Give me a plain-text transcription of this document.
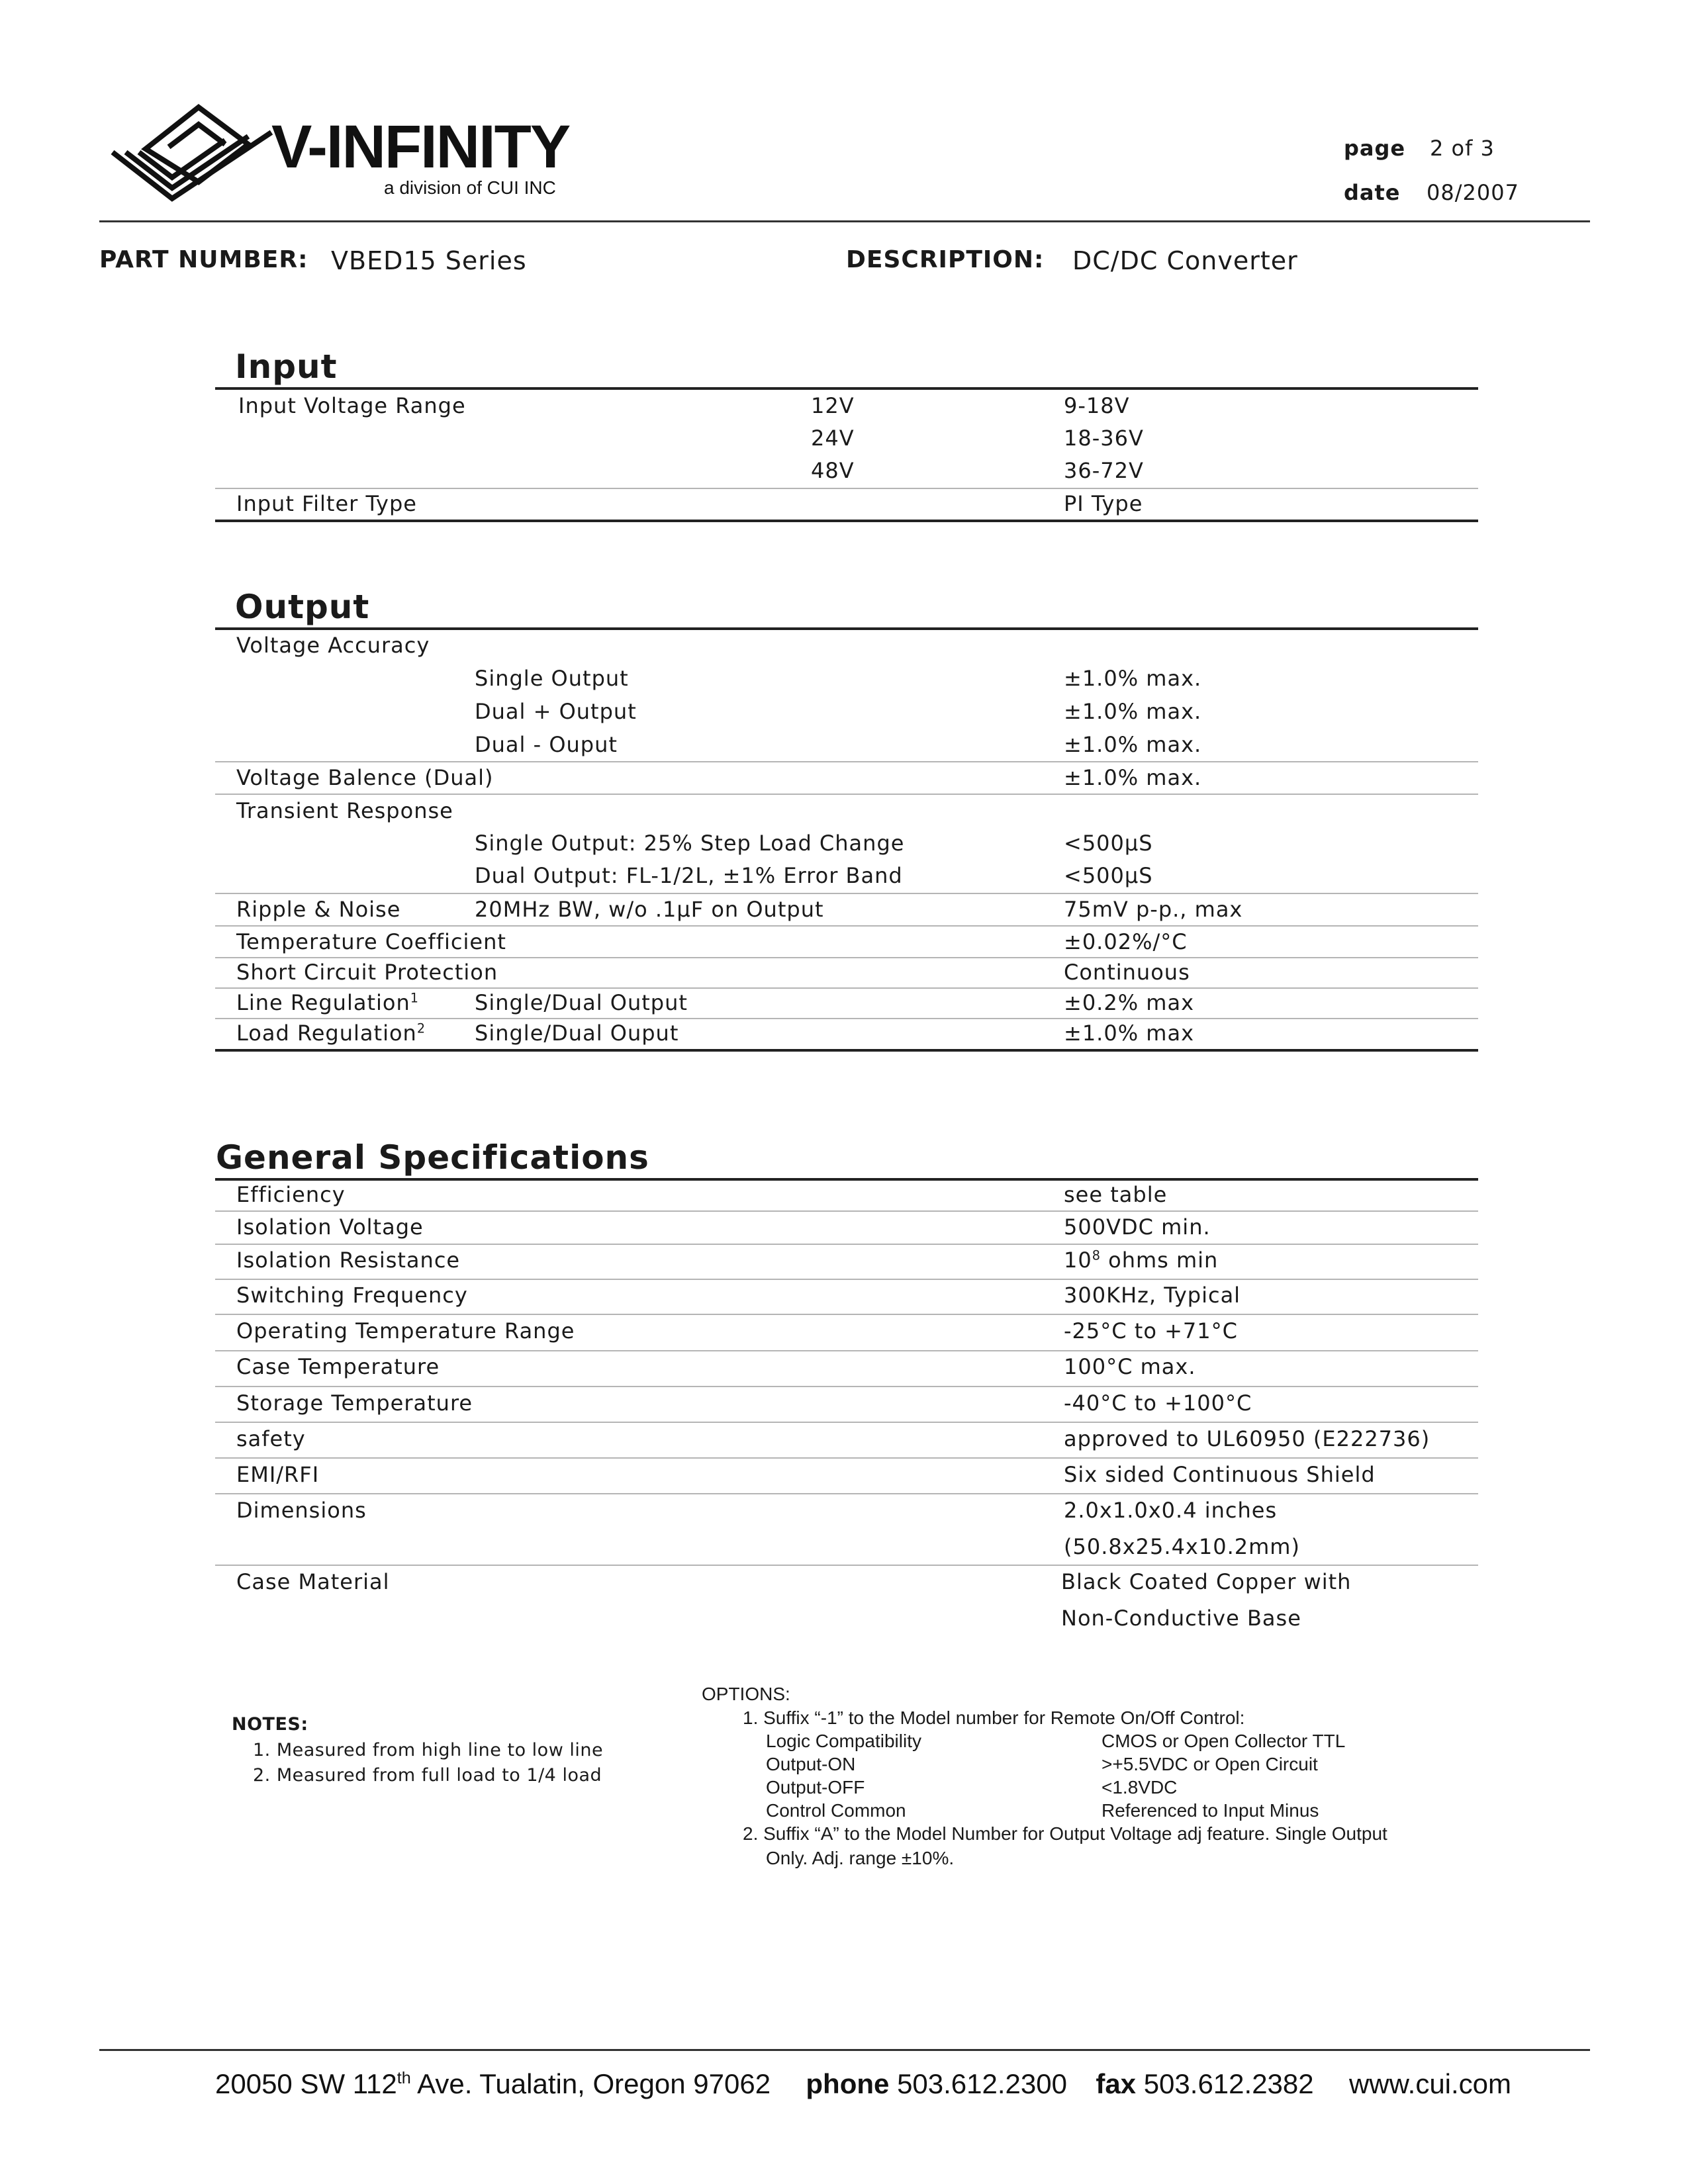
V-INFINITY
a division of CUI INC
page 2 of 3
date 08/2007
PART NUMBER: VBED15 Series	DESCRIPTION: DC/DC Converter
Input
Input Voltage Range	12V	9-18V
24V	18-36V
48V	36-72V
Input Filter Type	PI Type
Output
Voltage Accuracy
Single Output	±1.0% max.
Dual + Output	±1.0% max.
Dual - Ouput	±1.0% max.
Voltage Balence (Dual)	±1.0% max.
Transient Response
Single Output: 25% Step Load Change	<500µS
Dual Output: FL-1/2L, ±1% Error Band	<500µS
Ripple & Noise	20MHz BW, w/o .1µF on Output	75mV p-p., max
Temperature Coefficient	±0.02%/°C
Short Circuit Protection	Continuous
Line Regulation$^1$	Single/Dual Output	±0.2% max
Load Regulation$^2$ Single/Dual Ouput	±1.0% max
General Specifications
Efficiency	see table
Isolation Voltage	500VDC min.
Isolation Resistance	$10^8$ ohms min
Switching Frequency	300KHz, Typical
Operating Temperature Range	-25°C to +71°C
Case Temperature	100°C max.
Storage Temperature	-40°C to +100°C
safety	approved to UL60950 (E222736)
EMI/RFI	Six sided Continuous Shield
Dimensions	2.0x1.0x0.4 inches
(50.8x25.4x10.2mm)
Case Material	Black Coated Copper with
Non-Conductive Base
NOTES:
1. Measured from high line to low line
2. Measured from full load to 1/4 load
OPTIONS:
1. Suffix “-1” to the Model number for Remote On/Off Control:
Logic Compatibility	CMOS or Open Collector TTL
Output-ON	>+5.5VDC or Open Circuit
Output-OFF	<1.8VDC
Control Common	Referenced to Input Minus
2. Suffix “A” to the Model Number for Output Voltage adj feature. Single Output
Only. Adj. range ±10%.
20050 SW 112th Ave. Tualatin, Oregon 97062 phone 503.612.2300 fax 503.612.2382 www.cui.com
